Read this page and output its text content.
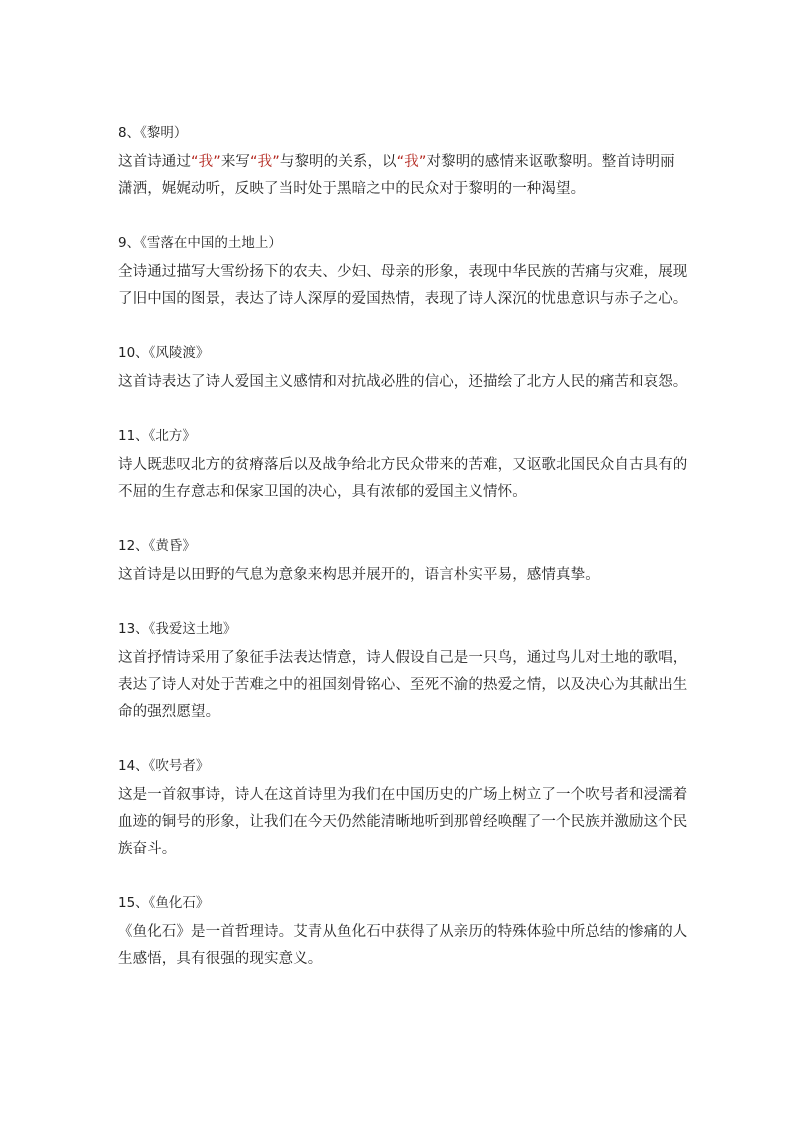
8、《黎明）

这首诗通过“我”来写“我”与黎明的关系，以“我”对黎明的感情来讴歌黎明。整首诗明丽潇洒，娓娓动听，反映了当时处于黑暗之中的民众对于黎明的一种渴望。

9、《雪落在中国的土地上）

全诗通过描写大雪纷扬下的农夫、少妇、母亲的形象，表现中华民族的苦痛与灾难，展现了旧中国的图景，表达了诗人深厚的爱国热情，表现了诗人深沉的忧患意识与赤子之心。

10、《风陵渡》

这首诗表达了诗人爱国主义感情和对抗战必胜的信心，还描绘了北方人民的痛苦和哀怨。

11、《北方》

诗人既悲叹北方的贫瘠落后以及战争给北方民众带来的苦难，又讴歌北国民众自古具有的不屈的生存意志和保家卫国的决心，具有浓郁的爱国主义情怀。

12、《黄昏》

这首诗是以田野的气息为意象来构思并展开的，语言朴实平易，感情真挚。

13、《我爱这土地》

这首抒情诗采用了象征手法表达情意，诗人假设自己是一只鸟，通过鸟儿对土地的歌唱，表达了诗人对处于苦难之中的祖国刻骨铭心、至死不渝的热爱之情，以及决心为其献出生命的强烈愿望。

14、《吹号者》

这是一首叙事诗，诗人在这首诗里为我们在中国历史的广场上树立了一个吹号者和浸濡着血迹的铜号的形象，让我们在今天仍然能清晰地听到那曾经唤醒了一个民族并激励这个民族奋斗。

15、《鱼化石》

《鱼化石》是一首哲理诗。艾青从鱼化石中获得了从亲历的特殊体验中所总结的惨痛的人生感悟，具有很强的现实意义。
